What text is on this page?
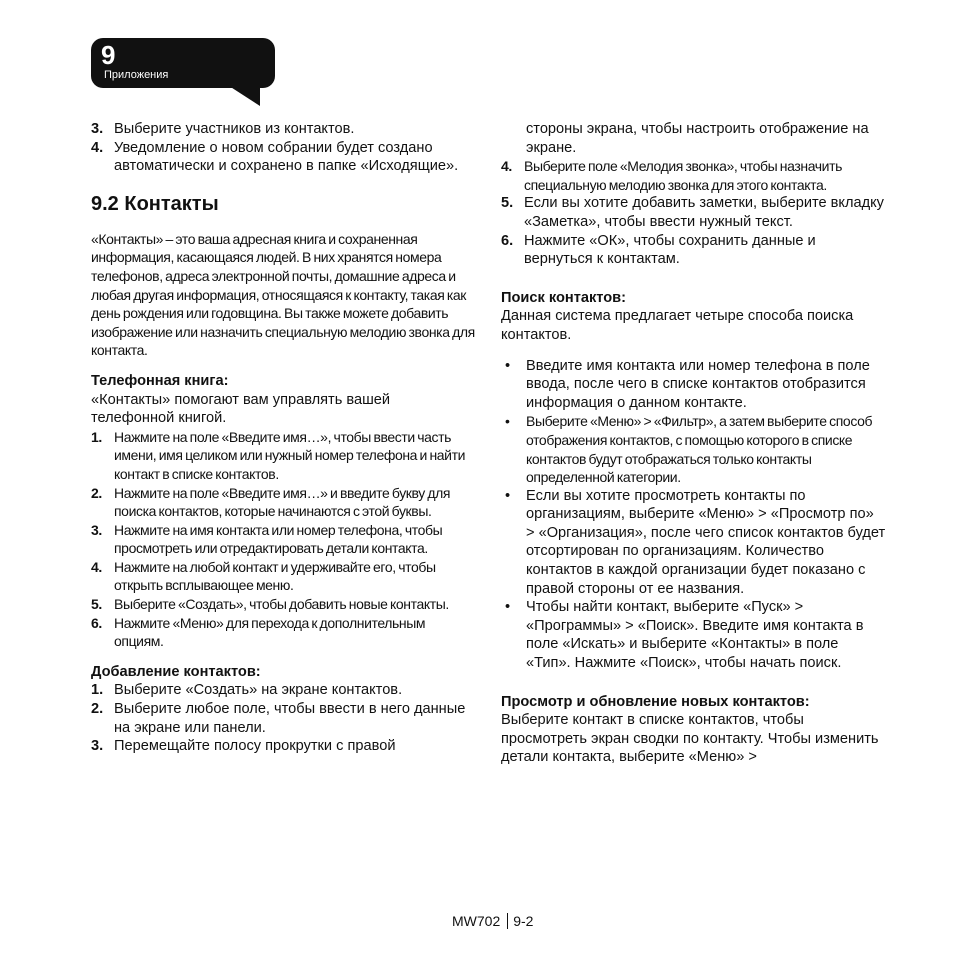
9
Приложения

3. Выберите участников из контактов.

4. Уведомление о новом собрании будет создано автоматически и сохранено в папке «Исходящие».

9.2 Контакты

«Контакты» – это ваша адресная книга и сохраненная информация, касающаяся людей. В них хранятся номера телефонов, адреса электронной почты, домашние адреса и любая другая информация, относящаяся к контакту, такая как день рождения или годовщина. Вы также можете добавить изображение или назначить специальную мелодию звонка для контакта.

Телефонная книга:

«Контакты» помогают вам управлять вашей телефонной книгой.

1. Нажмите на поле «Введите имя…», чтобы ввести часть имени, имя целиком или нужный номер телефона и найти контакт в списке контактов.

2. Нажмите на поле «Введите имя…» и введите букву для поиска контактов, которые начинаются с этой буквы.

3. Нажмите на имя контакта или номер телефона, чтобы просмотреть или отредактировать детали контакта.

4. Нажмите на любой контакт и удерживайте его, чтобы открыть всплывающее меню.

5. Выберите «Создать», чтобы добавить новые контакты.

6. Нажмите «Меню» для перехода к дополнительным опциям.

Добавление контактов:

1. Выберите «Создать» на экране контактов.

2. Выберите любое поле, чтобы ввести в него данные на экране или панели.

3. Перемещайте полосу прокрутки с правой

стороны экрана, чтобы настроить отображение на экране.

4. Выберите поле «Мелодия звонка», чтобы назначить специальную мелодию звонка для этого контакта.

5. Если вы хотите добавить заметки, выберите вкладку «Заметка», чтобы ввести нужный текст.

6. Нажмите «ОК», чтобы сохранить данные и вернуться к контактам.

Поиск контактов:

Данная система предлагает четыре способа поиска контактов.

• Введите имя контакта или номер телефона в поле ввода, после чего в списке контактов отобразится информация о данном контакте.

• Выберите «Меню» > «Фильтр», а затем выберите способ отображения контактов, с помощью которого в списке контактов будут отображаться только контакты определенной категории.

• Если вы хотите просмотреть контакты по организациям, выберите «Меню» > «Просмотр по» > «Организация», после чего список контактов будет отсортирован по организациям. Количество контактов в каждой организации будет показано с правой стороны от ее названия.

• Чтобы найти контакт, выберите «Пуск» > «Программы» > «Поиск». Введите имя контакта в поле «Искать» и выберите «Контакты» в поле «Тип». Нажмите «Поиск», чтобы начать поиск.

Просмотр и обновление новых контактов:

Выберите контакт в списке контактов, чтобы просмотреть экран сводки по контакту. Чтобы изменить детали контакта, выберите «Меню» >

MW702 9-2
